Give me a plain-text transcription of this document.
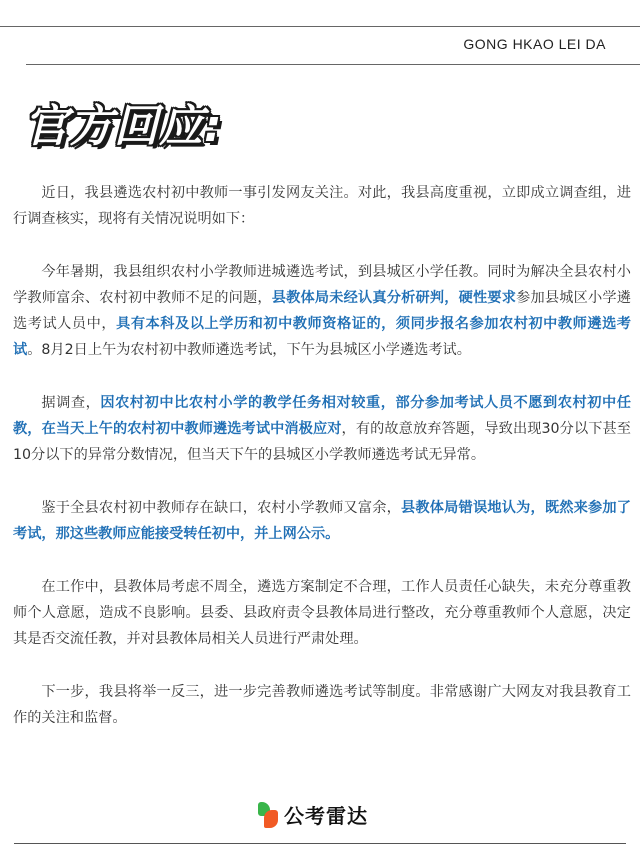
GONG HKAO LEI DA
官方回应:

近日，我县遴选农村初中教师一事引发网友关注。对此，我县高度重视，立即成立调查组，进行调查核实，现将有关情况说明如下：

今年暑期，我县组织农村小学教师进城遴选考试，到县城区小学任教。同时为解决全县农村小学教师富余、农村初中教师不足的问题，县教体局未经认真分析研判，硬性要求参加县城区小学遴选考试人员中，具有本科及以上学历和初中教师资格证的，须同步报名参加农村初中教师遴选考试。8月2日上午为农村初中教师遴选考试，下午为县城区小学遴选考试。

据调查，因农村初中比农村小学的教学任务相对较重，部分参加考试人员不愿到农村初中任教，在当天上午的农村初中教师遴选考试中消极应对，有的故意放弃答题，导致出现30分以下甚至10分以下的异常分数情况，但当天下午的县城区小学教师遴选考试无异常。

鉴于全县农村初中教师存在缺口，农村小学教师又富余，县教体局错误地认为，既然来参加了考试，那这些教师应能接受转任初中，并上网公示。

在工作中，县教体局考虑不周全，遴选方案制定不合理，工作人员责任心缺失，未充分尊重教师个人意愿，造成不良影响。县委、县政府责令县教体局进行整改，充分尊重教师个人意愿，决定其是否交流任教，并对县教体局相关人员进行严肃处理。

下一步，我县将举一反三，进一步完善教师遴选考试等制度。非常感谢广大网友对我县教育工作的关注和监督。

公考雷达
